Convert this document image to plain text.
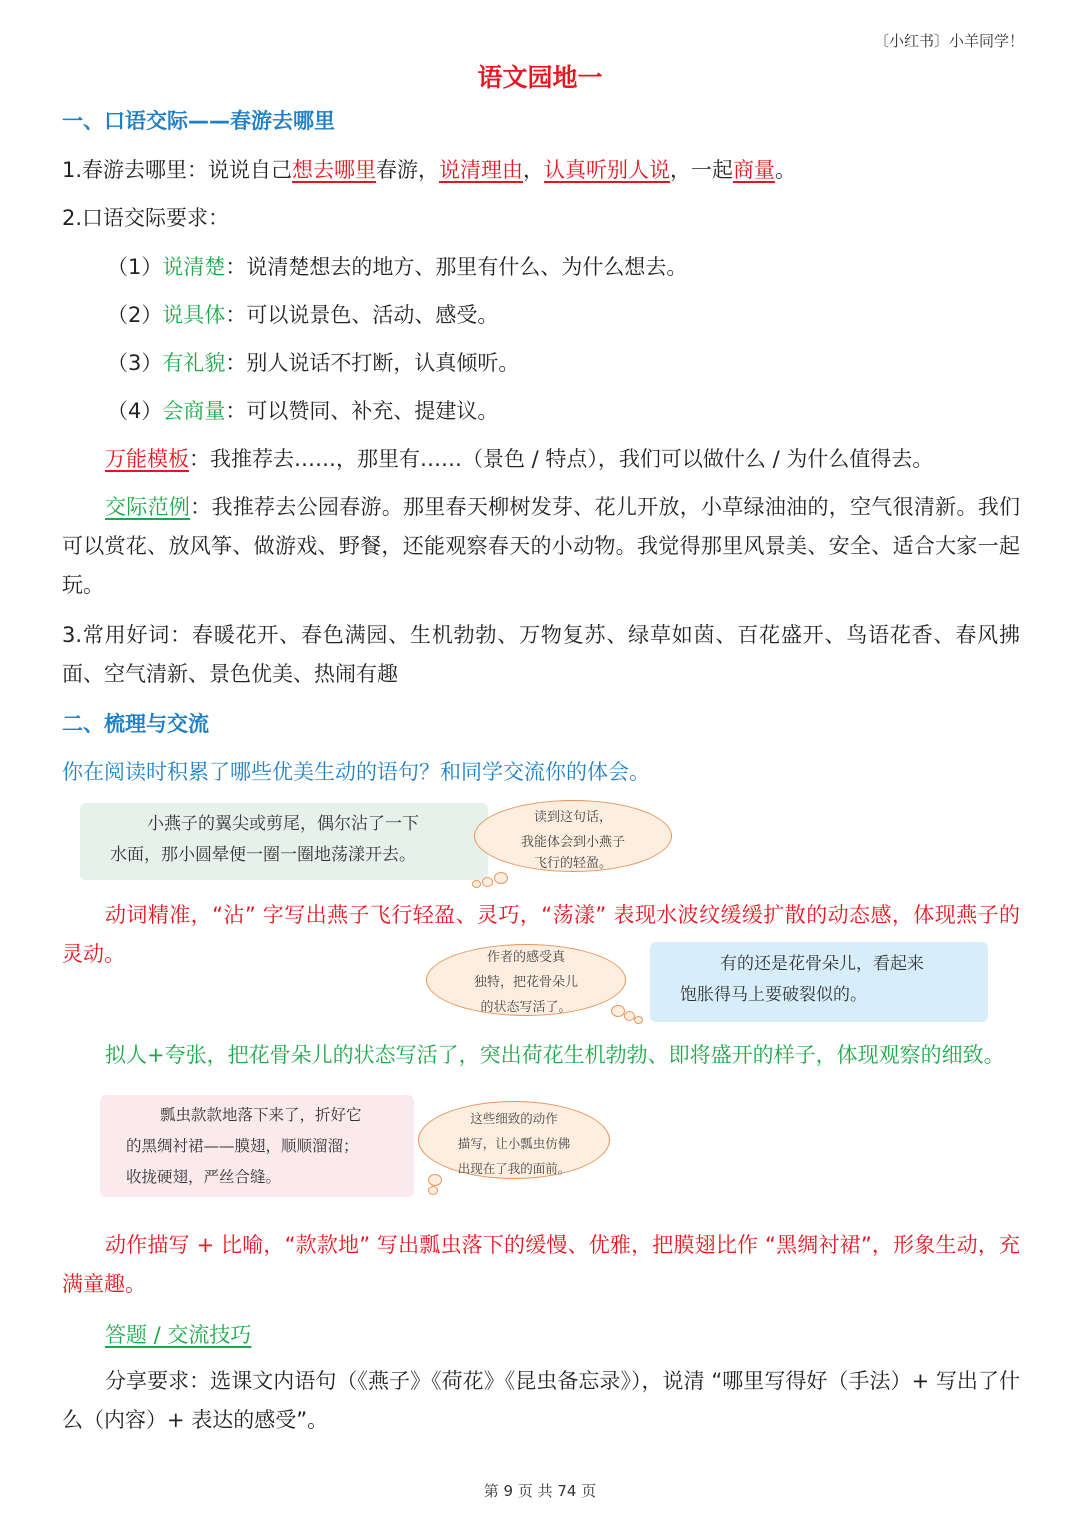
〔小红书〕小羊同学！
语文园地一
一、口语交际——春游去哪里
1.春游去哪里：说说自己想去哪里春游，说清理由，认真听别人说，一起商量。
2.口语交际要求：
（1）说清楚：说清楚想去的地方、那里有什么、为什么想去。
（2）说具体：可以说景色、活动、感受。
（3）有礼貌：别人说话不打断，认真倾听。
（4）会商量：可以赞同、补充、提建议。
万能模板：我推荐去……，那里有……（景色 / 特点），我们可以做什么 / 为什么值得去。
交际范例：我推荐去公园春游。那里春天柳树发芽、花儿开放，小草绿油油的，空气很清新。我们可以赏花、放风筝、做游戏、野餐，还能观察春天的小动物。我觉得那里风景美、安全、适合大家一起玩。
3.常用好词：春暖花开、春色满园、生机勃勃、万物复苏、绿草如茵、百花盛开、鸟语花香、春风拂面、空气清新、景色优美、热闹有趣
二、梳理与交流
你在阅读时积累了哪些优美生动的语句？和同学交流你的体会。
小燕子的翼尖或剪尾，偶尔沾了一下
水面，那小圆晕便一圈一圈地荡漾开去。
读到这句话，
我能体会到小燕子
飞行的轻盈。
动词精准，“沾” 字写出燕子飞行轻盈、灵巧，“荡漾” 表现水波纹缓缓扩散的动态感，体现燕子的灵动。	作者的感受真
独特，把花骨朵儿
的状态写活了。
有的还是花骨朵儿，看起来
饱胀得马上要破裂似的。
拟人+夸张，把花骨朵儿的状态写活了，突出荷花生机勃勃、即将盛开的样子，体现观察的细致。
瓢虫款款地落下来了，折好它
的黑绸衬裙——膜翅，顺顺溜溜；
收拢硬翅，严丝合缝。
这些细致的动作
描写，让小瓢虫仿佛
出现在了我的面前。
动作描写 + 比喻，“款款地” 写出瓢虫落下的缓慢、优雅，把膜翅比作 “黑绸衬裙”，形象生动，充满童趣。
答题 / 交流技巧
分享要求：选课文内语句（《燕子》《荷花》《昆虫备忘录》），说清 “哪里写得好（手法）+ 写出了什么（内容）+ 表达的感受”。
第 9 页 共 74 页
